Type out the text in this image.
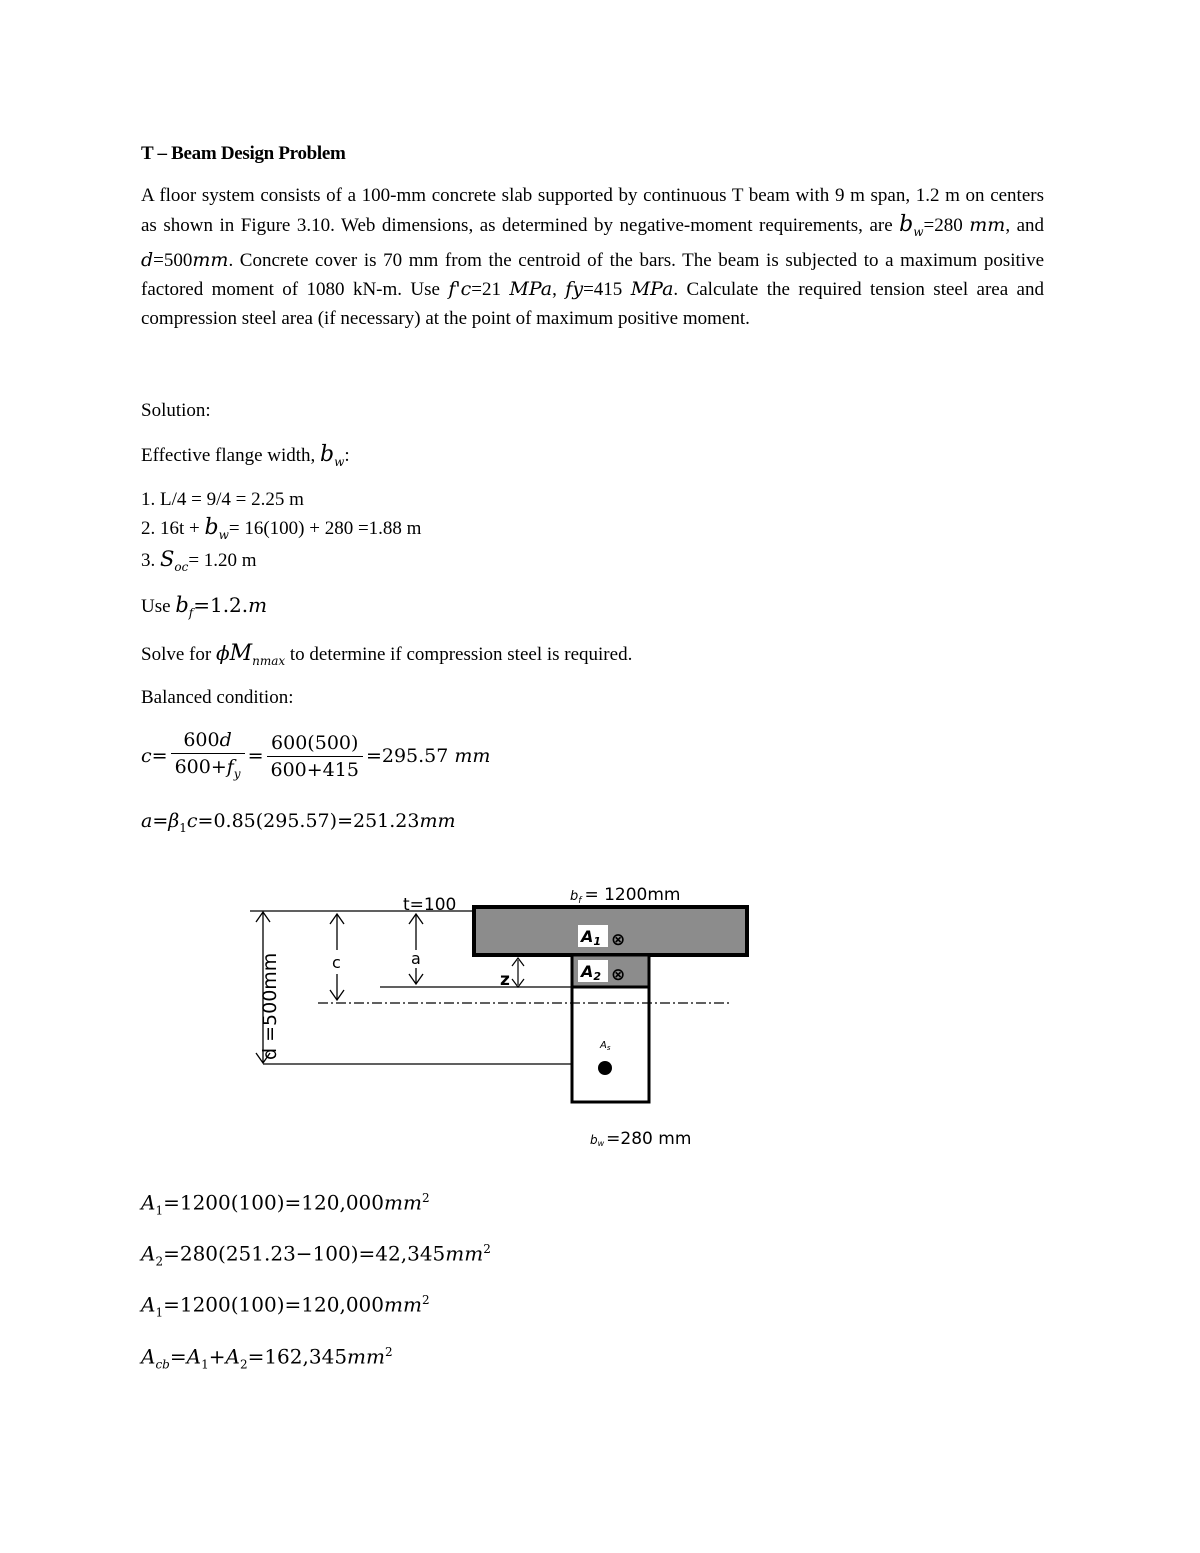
T – Beam Design Problem
A floor system consists of a 100-mm concrete slab supported by continuous T beam with 9 m span, 1.2 m on centers as shown in Figure 3.10. Web dimensions, as determined by negative-moment requirements, are $b_w=280$ mm, and d=500mm. Concrete cover is 70 mm from the centroid of the bars. The beam is subjected to a maximum positive factored moment of 1080 kN-m. Use f'c=21 MPa, fy=415 MPa. Calculate the required tension steel area and compression steel area (if necessary) at the point of maximum positive moment.
Solution:
Effective flange width, $b_w$:
1. L/4 = 9/4 = 2.25 m
2. $16t + b_w= 16(100) + 280 =1.88$ m
3. $S_{oc}= 1.20$ m
Use $b_f=1.2.m$
Solve for $\phi M_{nmax}$ to determine if compression steel is required.
Balanced condition:
$c= \frac{600d}{600+f_y} = \frac{600(500)}{600+415} =295.57$ mm
$a=\beta_1c=0.85(295.57)=251.23mm$
A1
A2
⊗
⊗
$A_s$
bf = 1200mm
d =500mm	c	a
t=100
z
bw =280 mm
$A_1=1200(100)=120,000mm^2$
$A_2=280(251.23-100)=42,345mm^2$
$A_1=1200(100)=120,000mm^2$
$A_{cb}=A_1+A_2=162,345mm^2$
